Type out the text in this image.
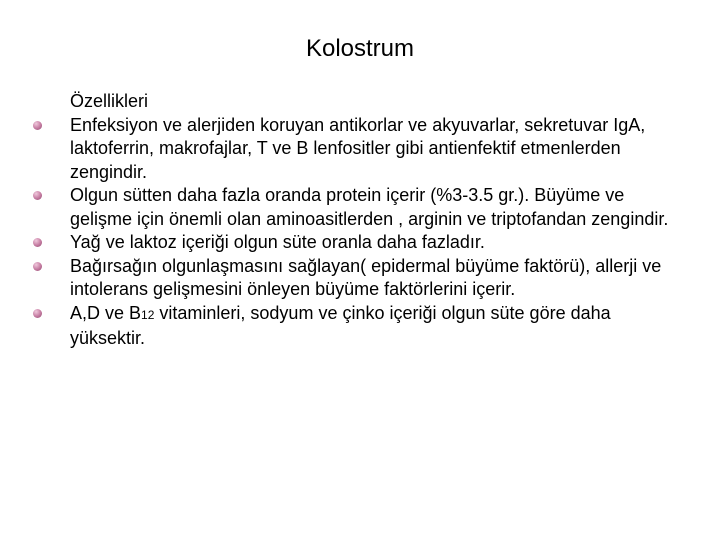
Kolostrum

Özellikleri

Enfeksiyon ve alerjiden koruyan antikorlar ve akyuvarlar, sekretuvar IgA, laktoferrin, makrofajlar, T ve B lenfositler gibi antienfektif etmenlerden zengindir.
Olgun sütten daha fazla oranda protein içerir (%3-3.5 gr.). Büyüme ve gelişme için önemli olan aminoasitlerden , arginin ve triptofandan zengindir.
Yağ ve laktoz içeriği olgun süte oranla daha fazladır.
Bağırsağın olgunlaşmasını sağlayan( epidermal büyüme faktörü), allerji ve intolerans gelişmesini önleyen büyüme faktörlerini içerir.
A,D ve B12 vitaminleri, sodyum ve çinko içeriği olgun süte göre daha yüksektir.
